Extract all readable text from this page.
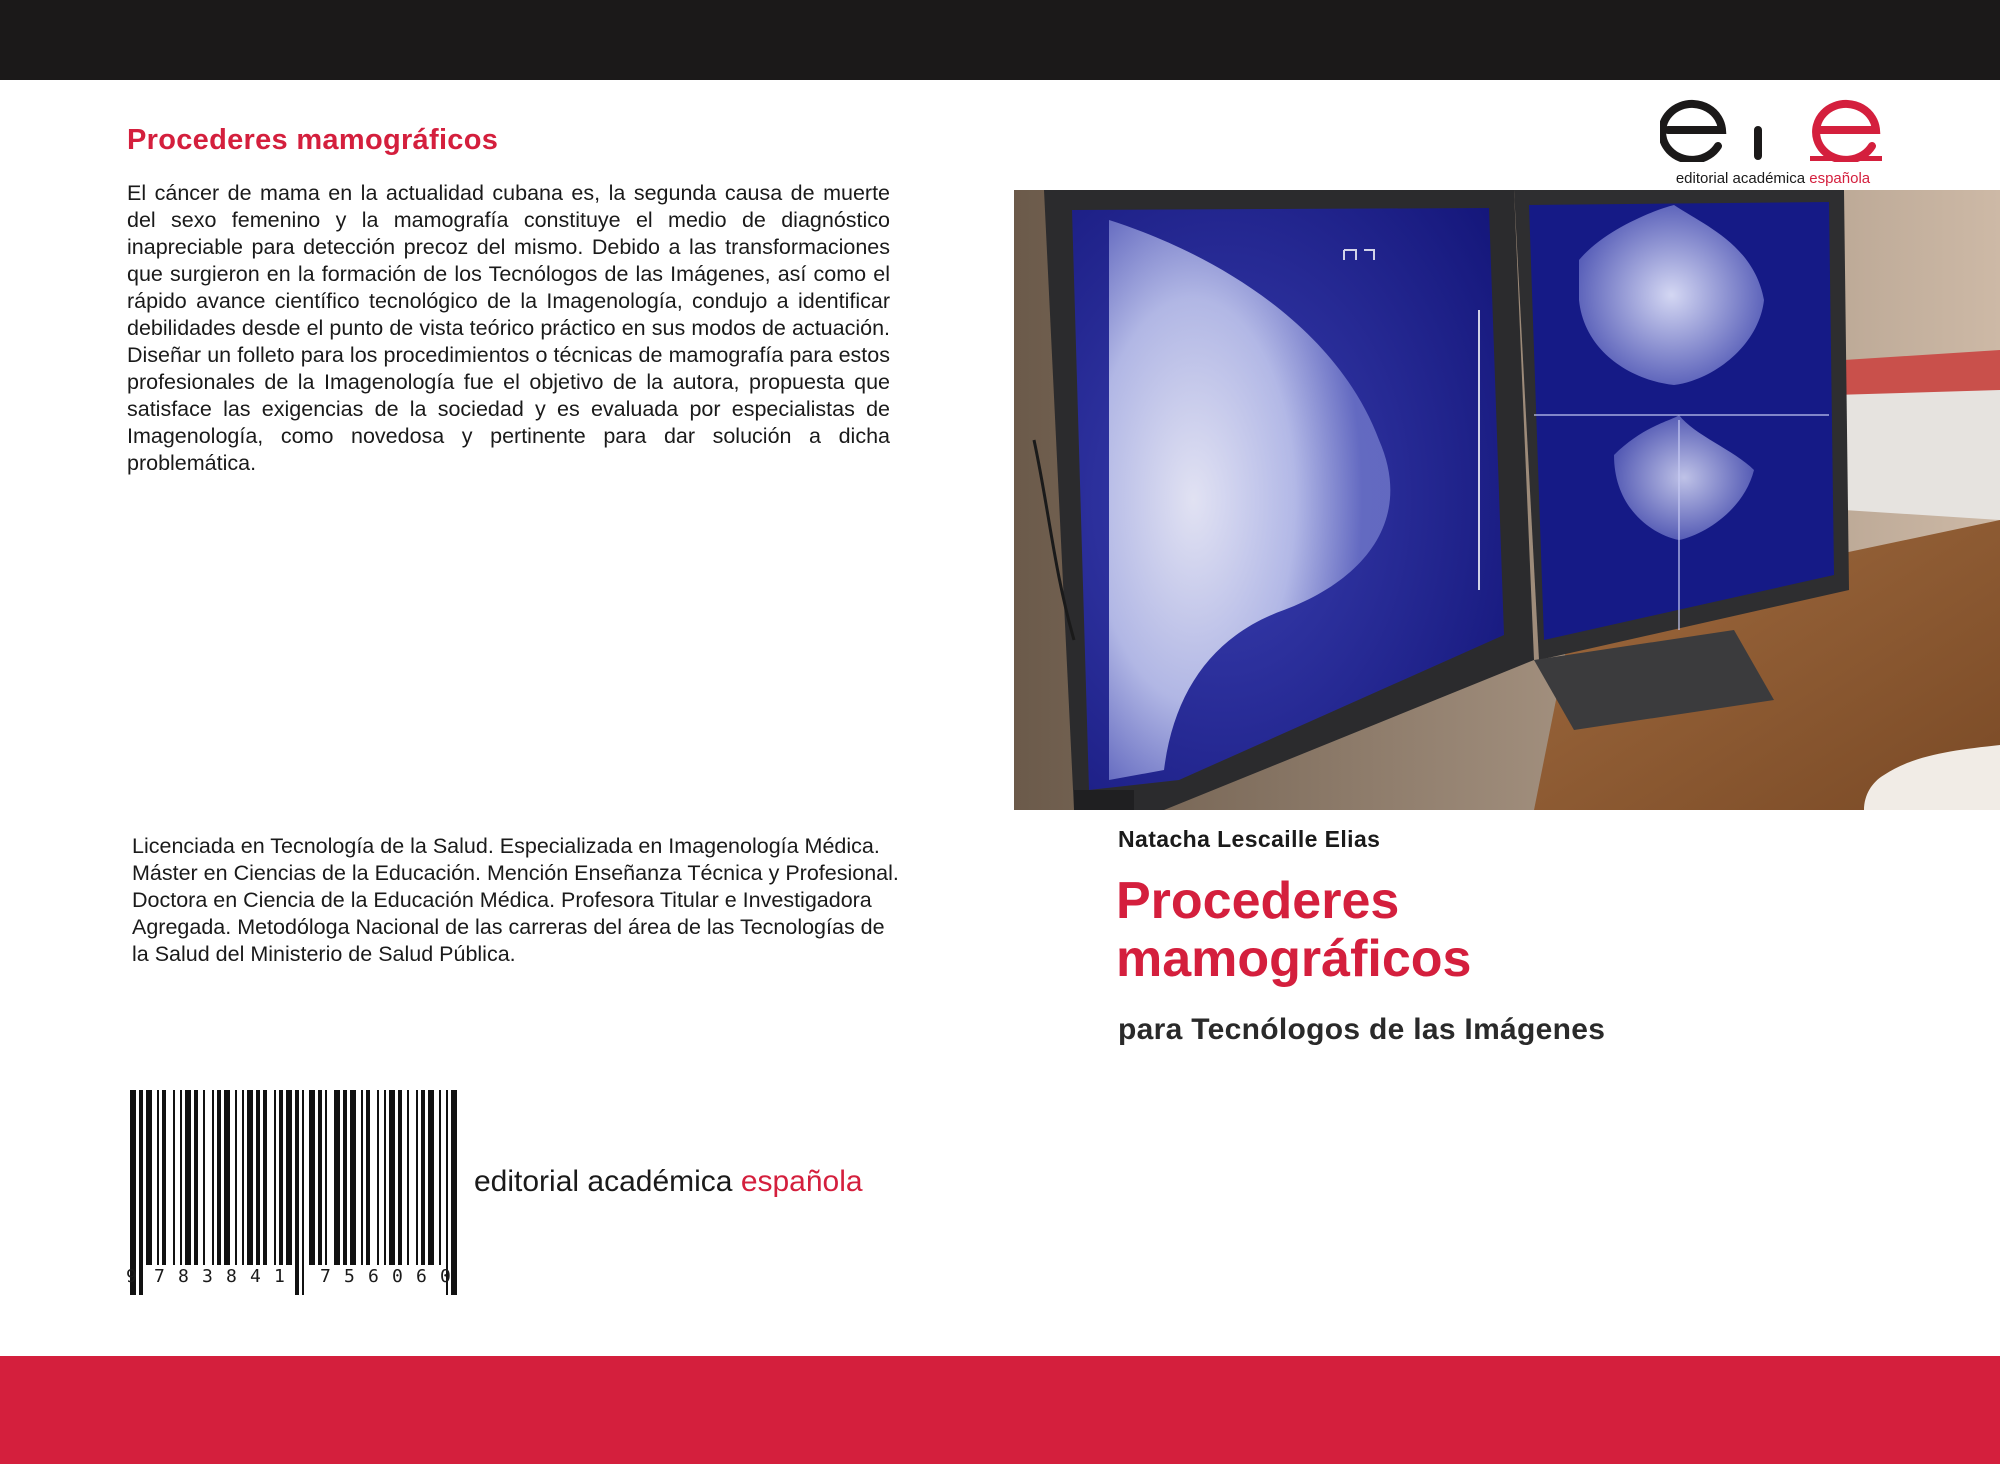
Procederes mamográficos

El cáncer de mama en la actualidad cubana es, la segunda causa de muerte del sexo femenino y la mamografía constituye el medio de diagnóstico inapreciable para detección precoz del mismo. Debido a las transformaciones que surgieron en la formación de los Tecnólogos de las Imágenes, así como el rápido avance científico tecnológico de la Imagenología, condujo a identificar debilidades desde el punto de vista teórico práctico en sus modos de actuación. Diseñar un folleto para los procedimientos o técnicas de mamografía para estos profesionales de la Imagenología fue el objetivo de la autora, propuesta que satisface las exigencias de la sociedad y es evaluada por especialistas de Imagenología, como novedosa y pertinente para dar solución a dicha problemática.

Licenciada en Tecnología de la Salud. Especializada en Imagenología Médica. Máster en Ciencias de la Educación. Mención Enseñanza Técnica y Profesional. Doctora en Ciencia de la Educación Médica. Profesora Titular e Investigadora Agregada. Metodóloga Nacional de las carreras del área de las Tecnologías de la Salud del Ministerio de Salud Pública.

9 7 8 3 8 4 1 7 5 6 0 6 0
editorial académica española
editorial académica española
Natacha Lescaille Elias
Procederes
mamográficos
para Tecnólogos de las Imágenes
